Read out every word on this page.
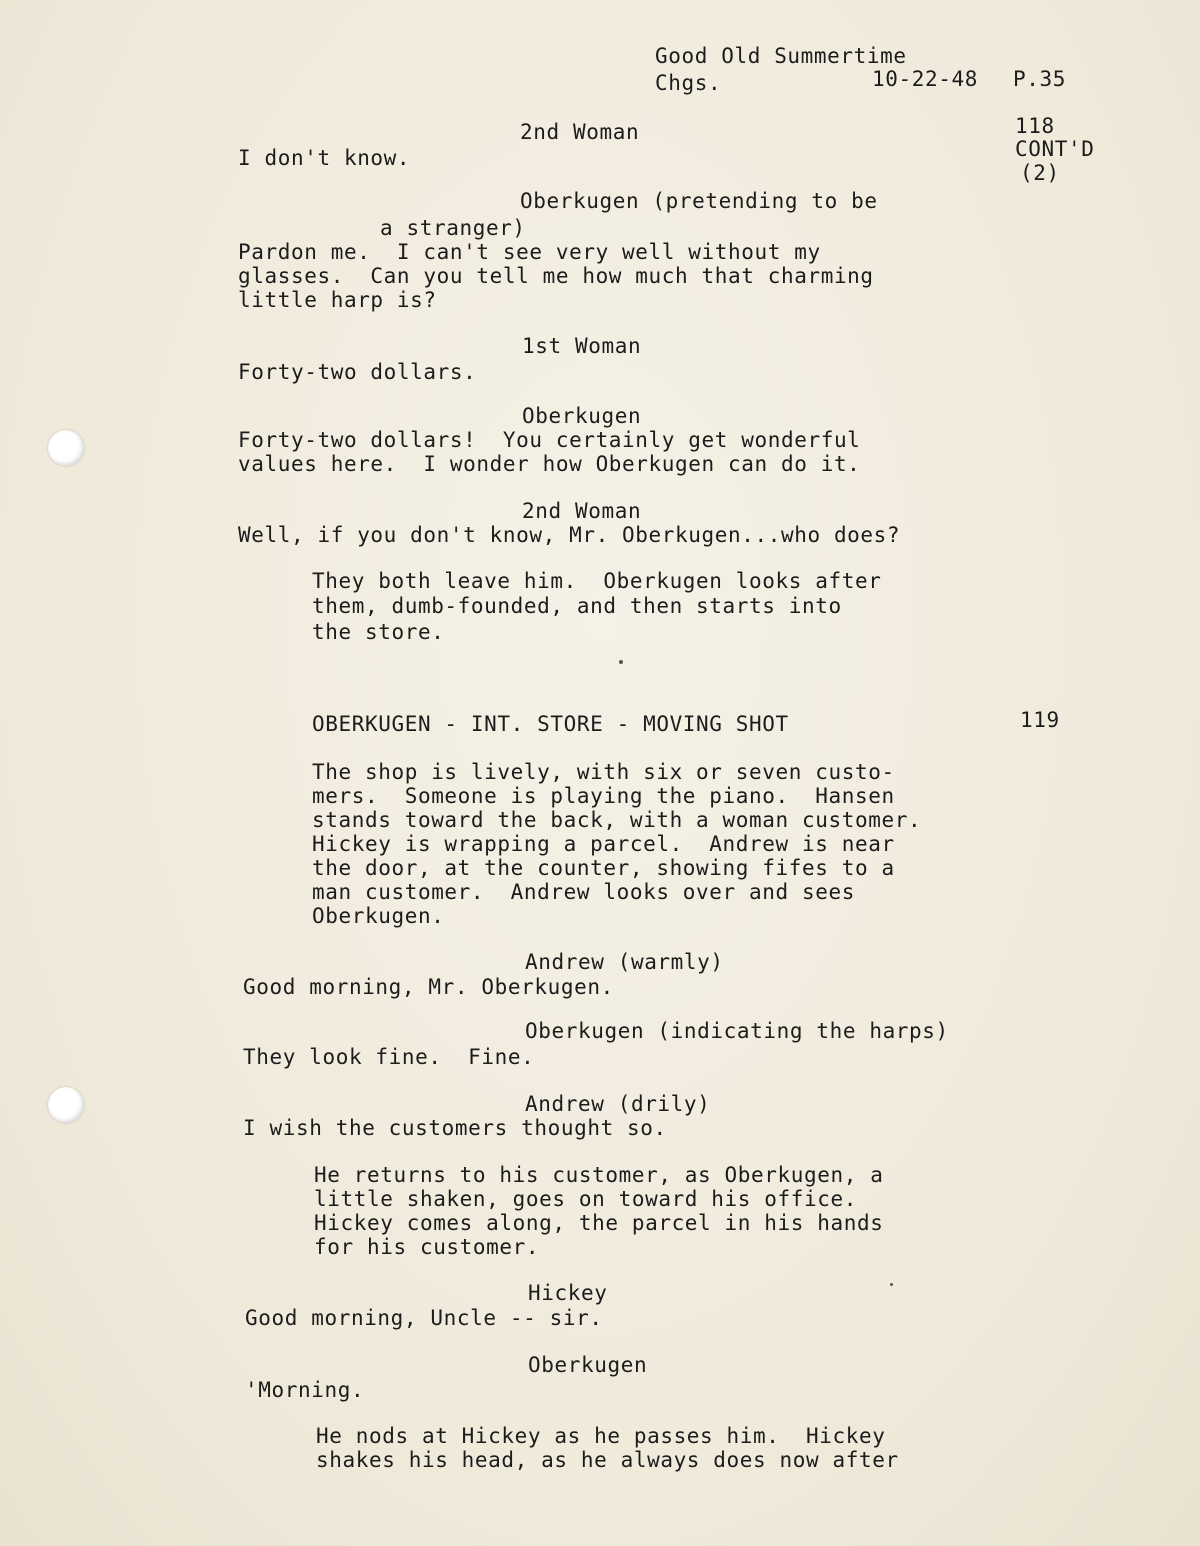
Good Old Summertime
Chgs.	10-22-48 P.35
118
CONT'D
(2)
2nd Woman
I don't know.
Oberkugen (pretending to be
a stranger)
Pardon me.  I can't see very well without my
glasses.  Can you tell me how much that charming
little harp is?
1st Woman
Forty-two dollars.
Oberkugen
Forty-two dollars!  You certainly get wonderful
values here.  I wonder how Oberkugen can do it.
2nd Woman
Well, if you don't know, Mr. Oberkugen...who does?
They both leave him.  Oberkugen looks after
them, dumb-founded, and then starts into
the store.
OBERKUGEN - INT. STORE - MOVING SHOT	119
The shop is lively, with six or seven custo-
mers.  Someone is playing the piano.  Hansen
stands toward the back, with a woman customer.
Hickey is wrapping a parcel.  Andrew is near
the door, at the counter, showing fifes to a
man customer.  Andrew looks over and sees
Oberkugen.
Andrew (warmly)
Good morning, Mr. Oberkugen.
Oberkugen (indicating the harps)
They look fine.  Fine.
Andrew (drily)
I wish the customers thought so.
He returns to his customer, as Oberkugen, a
little shaken, goes on toward his office.
Hickey comes along, the parcel in his hands
for his customer.
Hickey
Good morning, Uncle -- sir.
Oberkugen
'Morning.
He nods at Hickey as he passes him.  Hickey
shakes his head, as he always does now after
